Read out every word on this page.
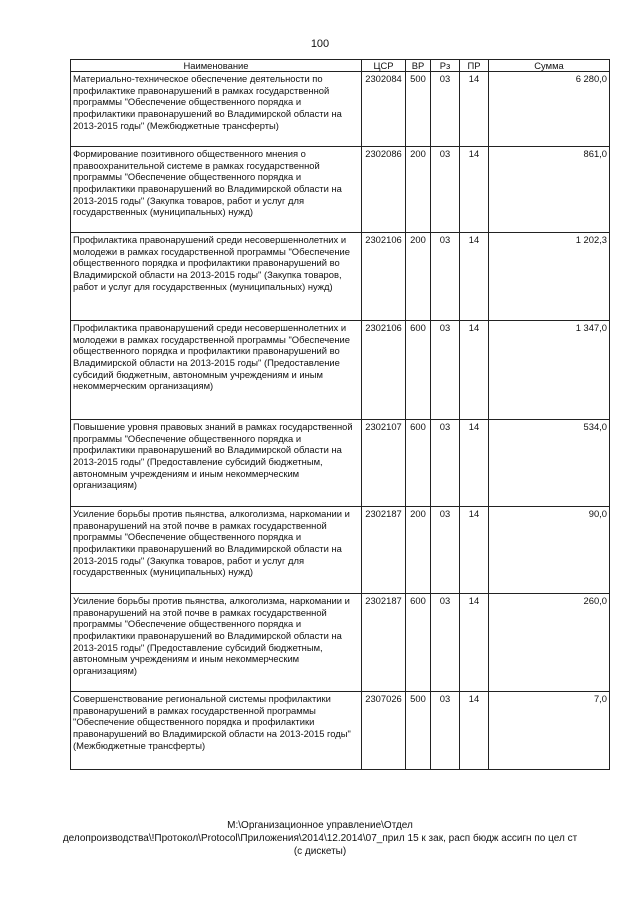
100
Наименование	ЦСР	ВР	Рз	ПР	Сумма
Материально-техническое обеспечение деятельности по профилактике правонарушений в рамках государственной программы "Обеспечение общественного порядка и профилактики правонарушений во Владимирской области на 2013-2015 годы" (Межбюджетные трансферты)	2302084	500	03	14	6 280,0
Формирование позитивного общественного мнения о правоохранительной системе в рамках государственной программы "Обеспечение общественного порядка и профилактики правонарушений во Владимирской области на 2013-2015 годы" (Закупка товаров, работ и услуг для государственных (муниципальных) нужд)	2302086	200	03	14	861,0
Профилактика правонарушений среди несовершеннолетних и молодежи в рамках государственной программы "Обеспечение общественного порядка и профилактики правонарушений во Владимирской области на 2013-2015 годы" (Закупка товаров, работ и услуг для государственных (муниципальных) нужд)	2302106	200	03	14	1 202,3
Профилактика правонарушений среди несовершеннолетних и молодежи в рамках государственной программы "Обеспечение общественного порядка и профилактики правонарушений во Владимирской области на 2013-2015 годы" (Предоставление субсидий бюджетным, автономным учреждениям и иным некоммерческим организациям)	2302106	600	03	14	1 347,0
Повышение уровня правовых знаний в рамках государственной программы "Обеспечение общественного порядка и профилактики правонарушений во Владимирской области на 2013-2015 годы" (Предоставление субсидий бюджетным, автономным учреждениям и иным некоммерческим организациям)	2302107	600	03	14	534,0
Усиление борьбы против пьянства, алкоголизма, наркомании и правонарушений на этой почве в рамках государственной программы "Обеспечение общественного порядка и профилактики правонарушений во Владимирской области на 2013-2015 годы" (Закупка товаров, работ и услуг для государственных (муниципальных) нужд)	2302187	200	03	14	90,0
Усиление борьбы против пьянства, алкоголизма, наркомании и правонарушений на этой почве в рамках государственной программы "Обеспечение общественного порядка и профилактики правонарушений во Владимирской области на 2013-2015 годы" (Предоставление субсидий бюджетным, автономным учреждениям и иным некоммерческим организациям)	2302187	600	03	14	260,0
Совершенствование региональной системы профилактики правонарушений в рамках государственной программы "Обеспечение общественного порядка и профилактики правонарушений во Владимирской области на 2013-2015 годы" (Межбюджетные трансферты)	2307026	500	03	14	7,0
M:\Организационное управление\Отдел
делопроизводства\!Протокол\Protocol\Приложения\2014\12.2014\07_прил 15 к зак, расп бюдж ассигн по цел ст
(с дискеты)
